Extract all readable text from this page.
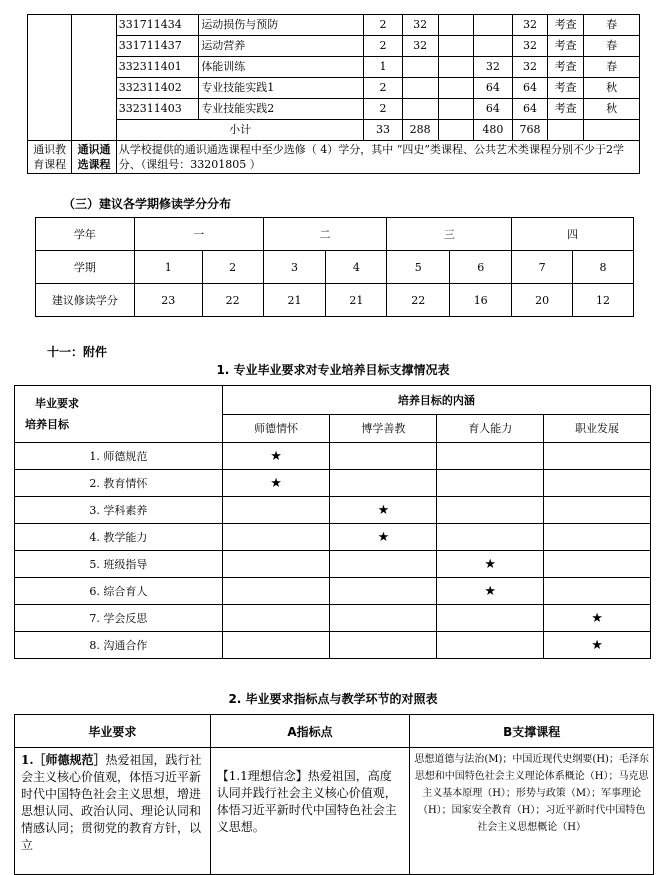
		331711434	运动损伤与预防	2	32			32	考查	春
		331711437	运动营养	2	32			32	考查	春
		332311401	体能训练	1			32	32	考查	春
		332311402	专业技能实践1	2			64	64	考查	秋
		332311403	专业技能实践2	2			64	64	考查	秋
		小计		33	288		480	768		
通识教育课程	通识通选课程	从学校提供的通识通选课程中至少选修（ 4）学分，其中 “四史”类课程、公共艺术类课程分别不少于2学分、（课组号：33201805 ）								
（三）建议各学期修读学分分布
学年	一		二		三		四	
学期	1	2	3	4	5	6	7	8
建议修读学分	23	22	21	21	22	16	20	12
十一：附件
1. 专业毕业要求对专业培养目标支撑情况表
毕业要求
培养目标	培养目标的内涵			
	师德情怀	博学善教	育人能力	职业发展
1. 师德规范	★			
2. 教育情怀	★			
3. 学科素养		★		
4. 教学能力		★		
5. 班级指导			★	
6. 综合育人			★	
7. 学会反思				★
8. 沟通合作				★
2. 毕业要求指标点与教学环节的对照表
毕业要求	A指标点	B支撑课程
1.［师德规范］热爱祖国，践行社会主义核心价值观，体悟习近平新时代中国特色社会主义思想，增进思想认同、政治认同、理论认同和情感认同；贯彻党的教育方针，以立	【1.1理想信念】热爱祖国，高度认同并践行社会主义核心价值观，体悟习近平新时代中国特色社会主义思想。	思想道德与法治(M)；中国近现代史纲要(H)；毛泽东思想和中国特色社会主义理论体系概论（H）；马克思主义基本原理（H）；形势与政策（M）；军事理论（H）；国家安全教育（H）；习近平新时代中国特色社会主义思想概论（H）
